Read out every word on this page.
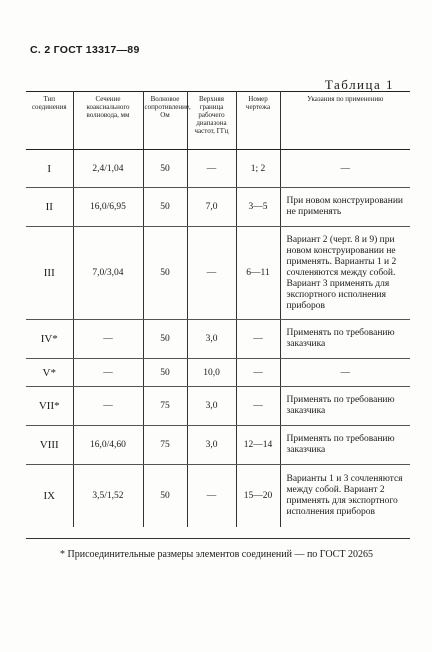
С. 2 ГОСТ 13317—89
Таблица 1
Тип соединения	Сечение коаксиального волновода, мм	Волновое сопротивление, Ом	Верхняя граница рабочего диапазона частот, ГГц	Номер чертежа	Указания по применению
I	2,4/1,04	50	—	1; 2	—
II	16,0/6,95	50	7,0	3—5	При новом конструировании не применять
III	7,0/3,04	50	—	6—11	Вариант 2 (черт. 8 и 9) при новом конструировании не применять. Варианты 1 и 2 сочленяются между собой. Вариант 3 применять для экспортного исполнения приборов
IV*	—	50	3,0	—	Применять по требованию заказчика
V*	—	50	10,0	—	—
VII*	—	75	3,0	—	Применять по требованию заказчика
VIII	16,0/4,60	75	3,0	12—14	Применять по требованию заказчика
IX	3,5/1,52	50	—	15—20	Варианты 1 и 3 сочленяются между собой. Вариант 2 применять для экспортного исполнения приборов
* Присоединительные размеры элементов соединений — по ГОСТ 20265
